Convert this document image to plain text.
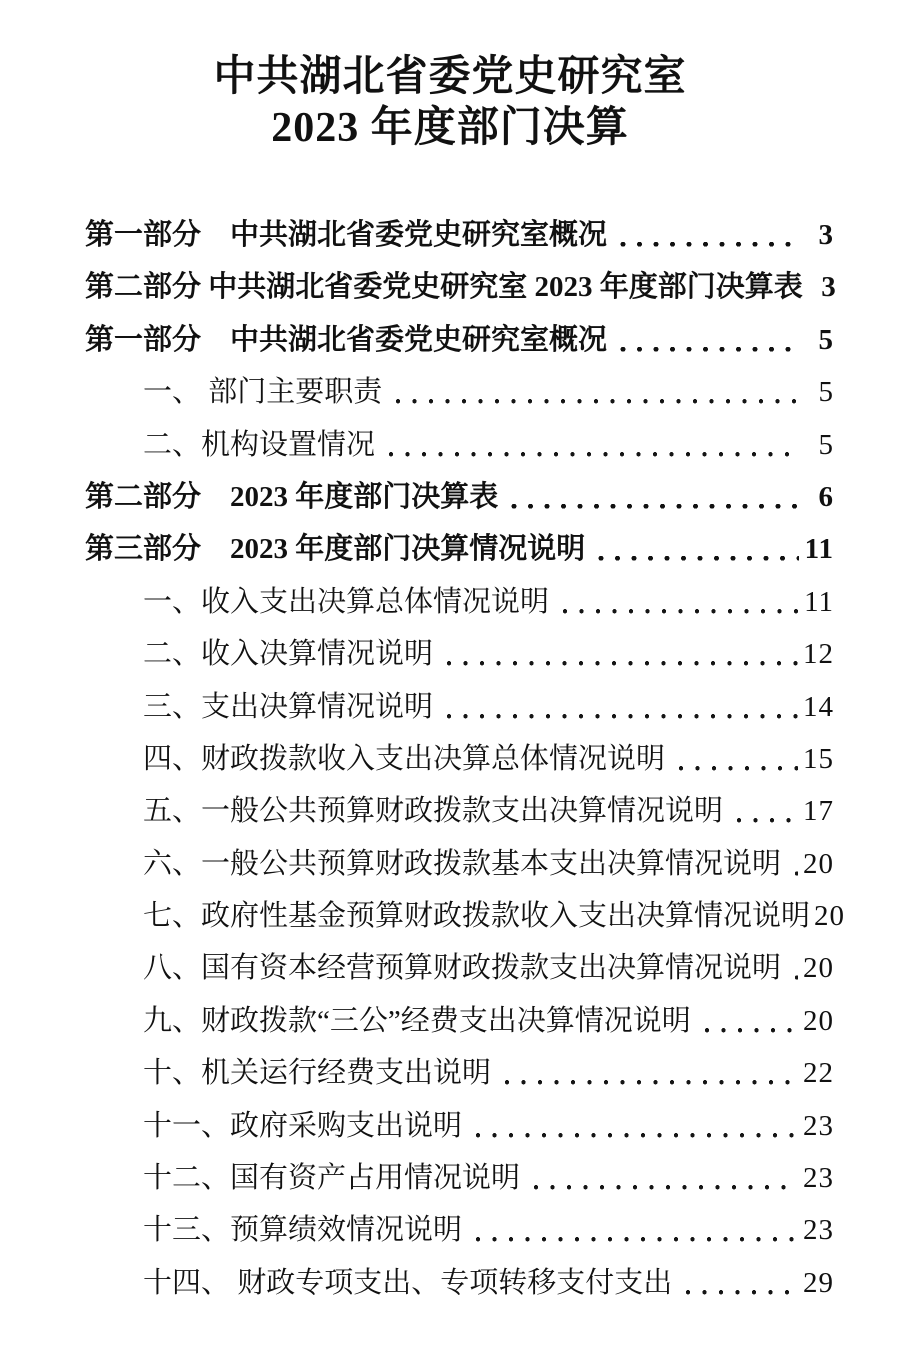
中共湖北省委党史研究室
2023 年度部门决算
第一部分　中共湖北省委党史研究室概况	3
第二部分 中共湖北省委党史研究室 2023 年度部门决算表 3
第一部分　中共湖北省委党史研究室概况	5
一、 部门主要职责	5
二、机构设置情况	5
第二部分　2023 年度部门决算表	6
第三部分　2023 年度部门决算情况说明	11
一、收入支出决算总体情况说明	11
二、收入决算情况说明	12
三、支出决算情况说明	14
四、财政拨款收入支出决算总体情况说明	15
五、一般公共预算财政拨款支出决算情况说明	17
六、一般公共预算财政拨款基本支出决算情况说明 20
七、政府性基金预算财政拨款收入支出决算情况说明 20
八、国有资本经营预算财政拨款支出决算情况说明 20
九、财政拨款“三公”经费支出决算情况说明	20
十、机关运行经费支出说明	22
十一、政府采购支出说明	23
十二、国有资产占用情况说明	23
十三、预算绩效情况说明	23
十四、 财政专项支出、专项转移支付支出	29
